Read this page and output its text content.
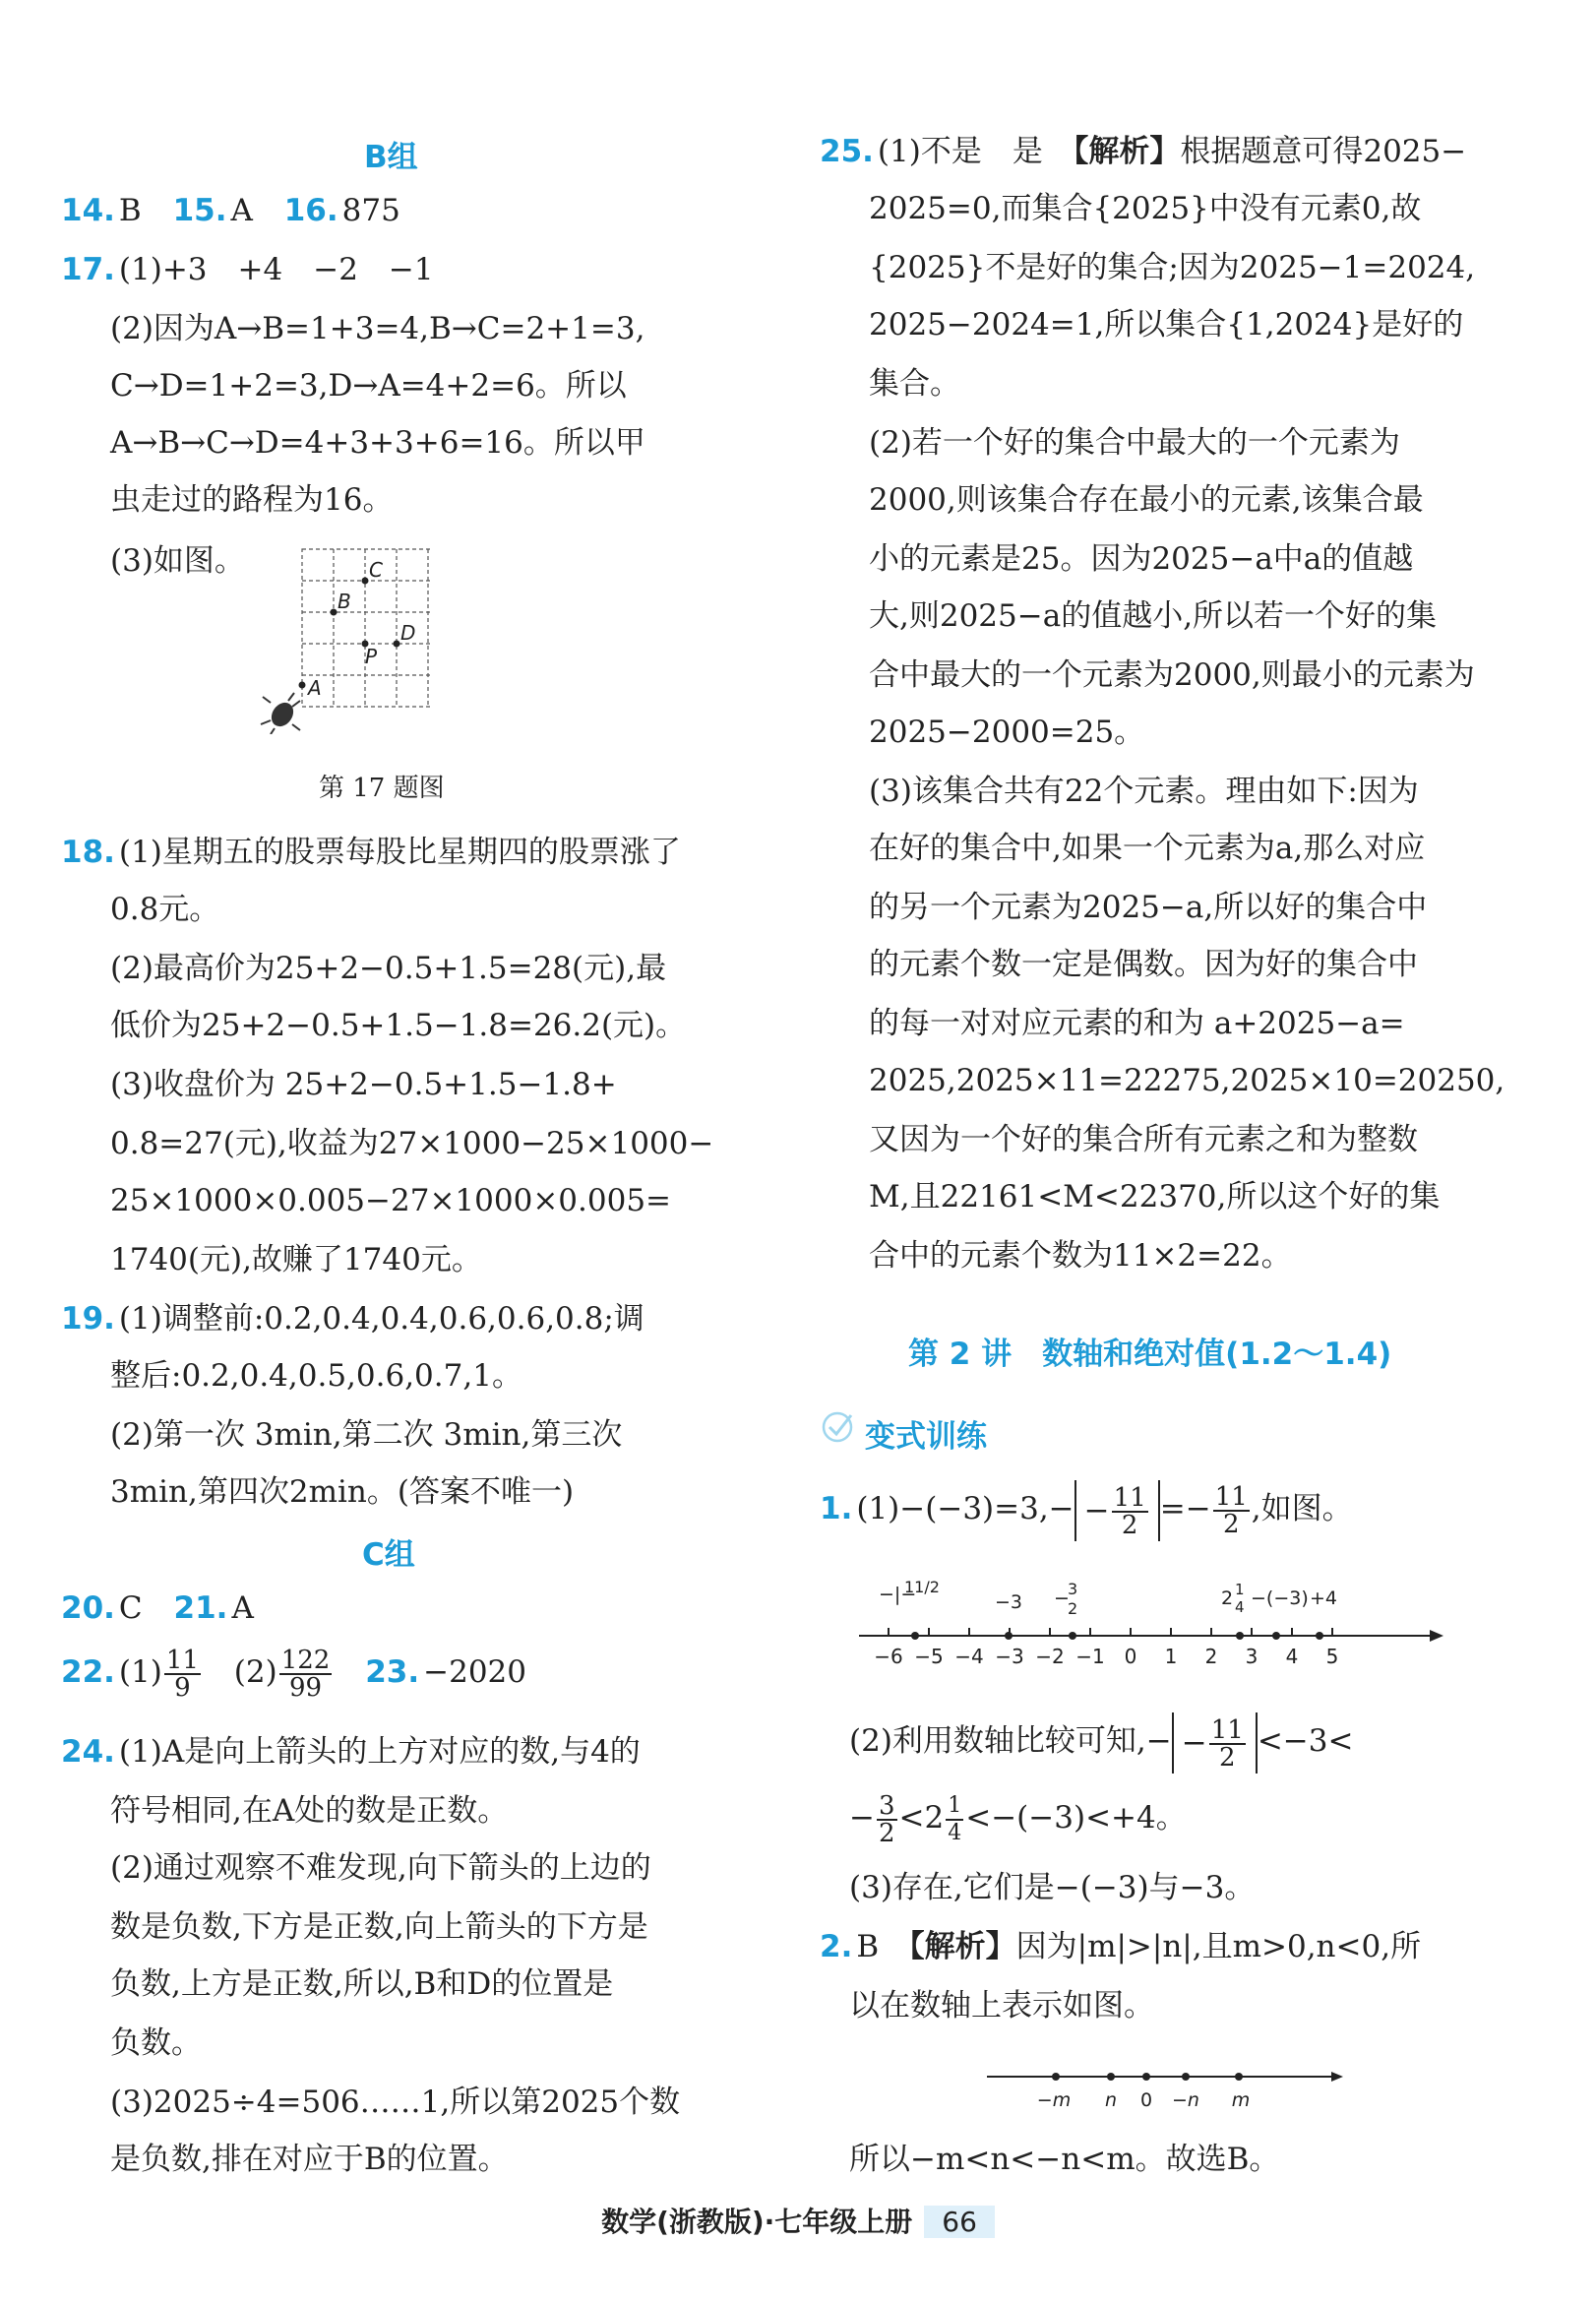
B组
14. B 15. A 16. 875
17. (1)+3　+4　−2　−1
(2)因为A→B=1+3=4,B→C=2+1=3,
C→D=1+2=3,D→A=4+2=6。所以
A→B→C→D=4+3+3+6=16。所以甲
虫走过的路程为16。
(3)如图。	C
B
D
P
A
第 17 题图
18. (1)星期五的股票每股比星期四的股票涨了
0.8元。
(2)最高价为25+2−0.5+1.5=28(元),最
低价为25+2−0.5+1.5−1.8=26.2(元)。
(3)收盘价为 25+2−0.5+1.5−1.8+
0.8=27(元),收益为27×1000−25×1000−
25×1000×0.005−27×1000×0.005=
1740(元),故赚了1740元。
19. (1)调整前:0.2,0.4,0.4,0.6,0.6,0.8;调
整后:0.2,0.4,0.5,0.6,0.7,1。
(2)第一次 3min,第二次 3min,第三次
3min,第四次2min。(答案不唯一)
C组
20. C 21. A
22. $(1) \frac{11}{9} (2) \frac{122}{99} 23$. −2020
24. (1)A是向上箭头的上方对应的数,与4的
符号相同,在A处的数是正数。
(2)通过观察不难发现,向下箭头的上边的
数是负数,下方是正数,向上箭头的下方是
负数,上方是正数,所以,B和D的位置是
负数。
(3)2025÷4=506……1,所以第2025个数
是负数,排在对应于B的位置。
25. (1)不是　是　【解析】根据题意可得2025−
2025=0,而集合{2025}中没有元素0,故
{2025}不是好的集合;因为2025−1=2024,
2025−2024=1,所以集合{1,2024}是好的
集合。
(2)若一个好的集合中最大的一个元素为
2000,则该集合存在最小的元素,该集合最
小的元素是25。因为2025−a中a的值越
大,则2025−a的值越小,所以若一个好的集
合中最大的一个元素为2000,则最小的元素为
2025−2000=25。
(3)该集合共有22个元素。理由如下:因为
在好的集合中,如果一个元素为a,那么对应
的另一个元素为2025−a,所以好的集合中
的元素个数一定是偶数。因为好的集合中
的每一对对应元素的和为 a+2025−a=
2025,2025×11=22275,2025×10=20250,
又因为一个好的集合所有元素之和为整数
M,且22161<M<22370,所以这个好的集
合中的元素个数为11×2=22。
第 2 讲　数轴和绝对值(1.2～1.4)
变式训练
1. $(1)-(-3)=3,- - \frac{11}{2} =- \frac{11}{2}$ ,如图。
−6 −5 −4 −3 −2 −1 0 1 2 3 4 5
−|−
11/2
−3 −
3
2	2 1
4 −(−3) +4
(2)利用数轴比较可知,− − $\frac{11}{2} <-3<$
− $\frac{3}{2} <2 \frac{1}{4} <-(-3)<+4$。
(3)存在,它们是−(−3)与−3。
2. B　【解析】因为|m|>|n|,且m>0,n<0,所
以在数轴上表示如图。
−m n 0 −n m
所以−m<n<−n<m。故选B。
数学(浙教版)·七年级上册 66
